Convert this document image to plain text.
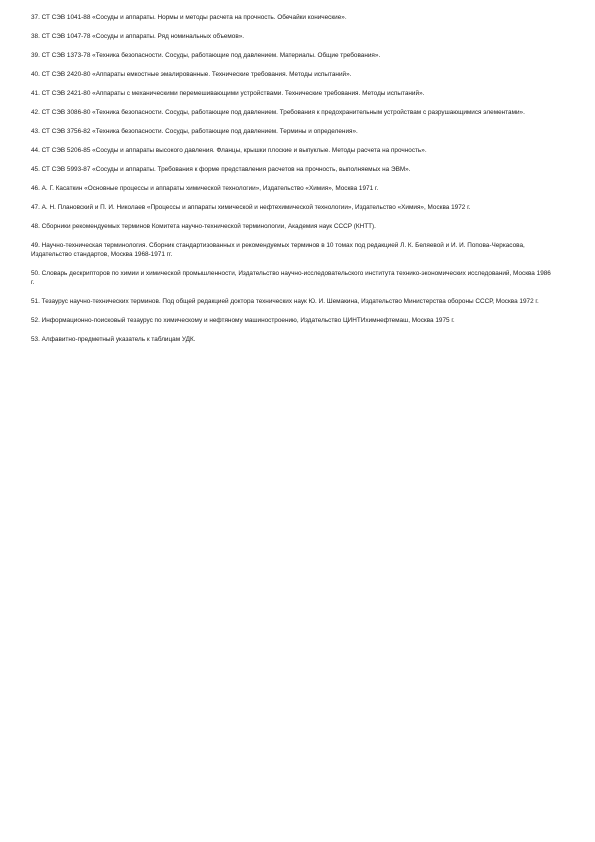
37. СТ СЭВ 1041-88 «Сосуды и аппараты. Нормы и методы расчета на прочность. Обечайки конические».
38. СТ СЭВ 1047-78 «Сосуды и аппараты. Ряд номинальных объемов».
39. СТ СЭВ 1373-78 «Техника безопасности. Сосуды, работающие под давлением. Материалы. Общие требования».
40. СТ СЭВ 2420-80 «Аппараты емкостные эмалированные. Технические требования. Методы испытаний».
41. СТ СЭВ 2421-80 «Аппараты с механическими перемешивающими устройствами. Технические требования. Методы испытаний».
42. СТ СЭВ 3086-80 «Техника безопасности. Сосуды, работающие под давлением. Требования к предохранительным устройствам с разрушающимися элементами».
43. СТ СЭВ 3756-82 «Техника безопасности. Сосуды, работающие под давлением. Термины и определения».
44. СТ СЭВ 5206-85 «Сосуды и аппараты высокого давления. Фланцы, крышки плоские и выпуклые. Методы расчета на прочность».
45. СТ СЭВ 5993-87 «Сосуды и аппараты. Требования к форме представления расчетов на прочность, выполняемых на ЭВМ».
46. А. Г. Касаткин «Основные процессы и аппараты химической технологии», Издательство «Химия», Москва 1971 г.
47. А. Н. Плановский и П. И. Николаев «Процессы и аппараты химической и нефтехимической технологии», Издательство «Химия», Москва 1972 г.
48. Сборники рекомендуемых терминов Комитета научно-технической терминологии, Академия наук СССР (КНТТ).
49. Научно-техническая терминология. Сборник стандартизованных и рекомендуемых терминов в 10 томах под редакцией Л. К. Беляевой и И. И. Попова-Черкасова, Издательство стандартов, Москва 1968-1971 гг.
50. Словарь дескрипторов по химии и химической промышленности, Издательство научно-исследовательского института технико-экономических исследований, Москва 1986 г.
51. Тезаурус научно-технических терминов. Под общей редакцией доктора технических наук Ю. И. Шемакина, Издательство Министерства обороны СССР, Москва 1972 г.
52. Информационно-поисковый тезаурус по химическому и нефтяному машиностроению, Издательство ЦИНТИхимнефтемаш, Москва 1975 г.
53. Алфавитно-предметный указатель к таблицам УДК.
